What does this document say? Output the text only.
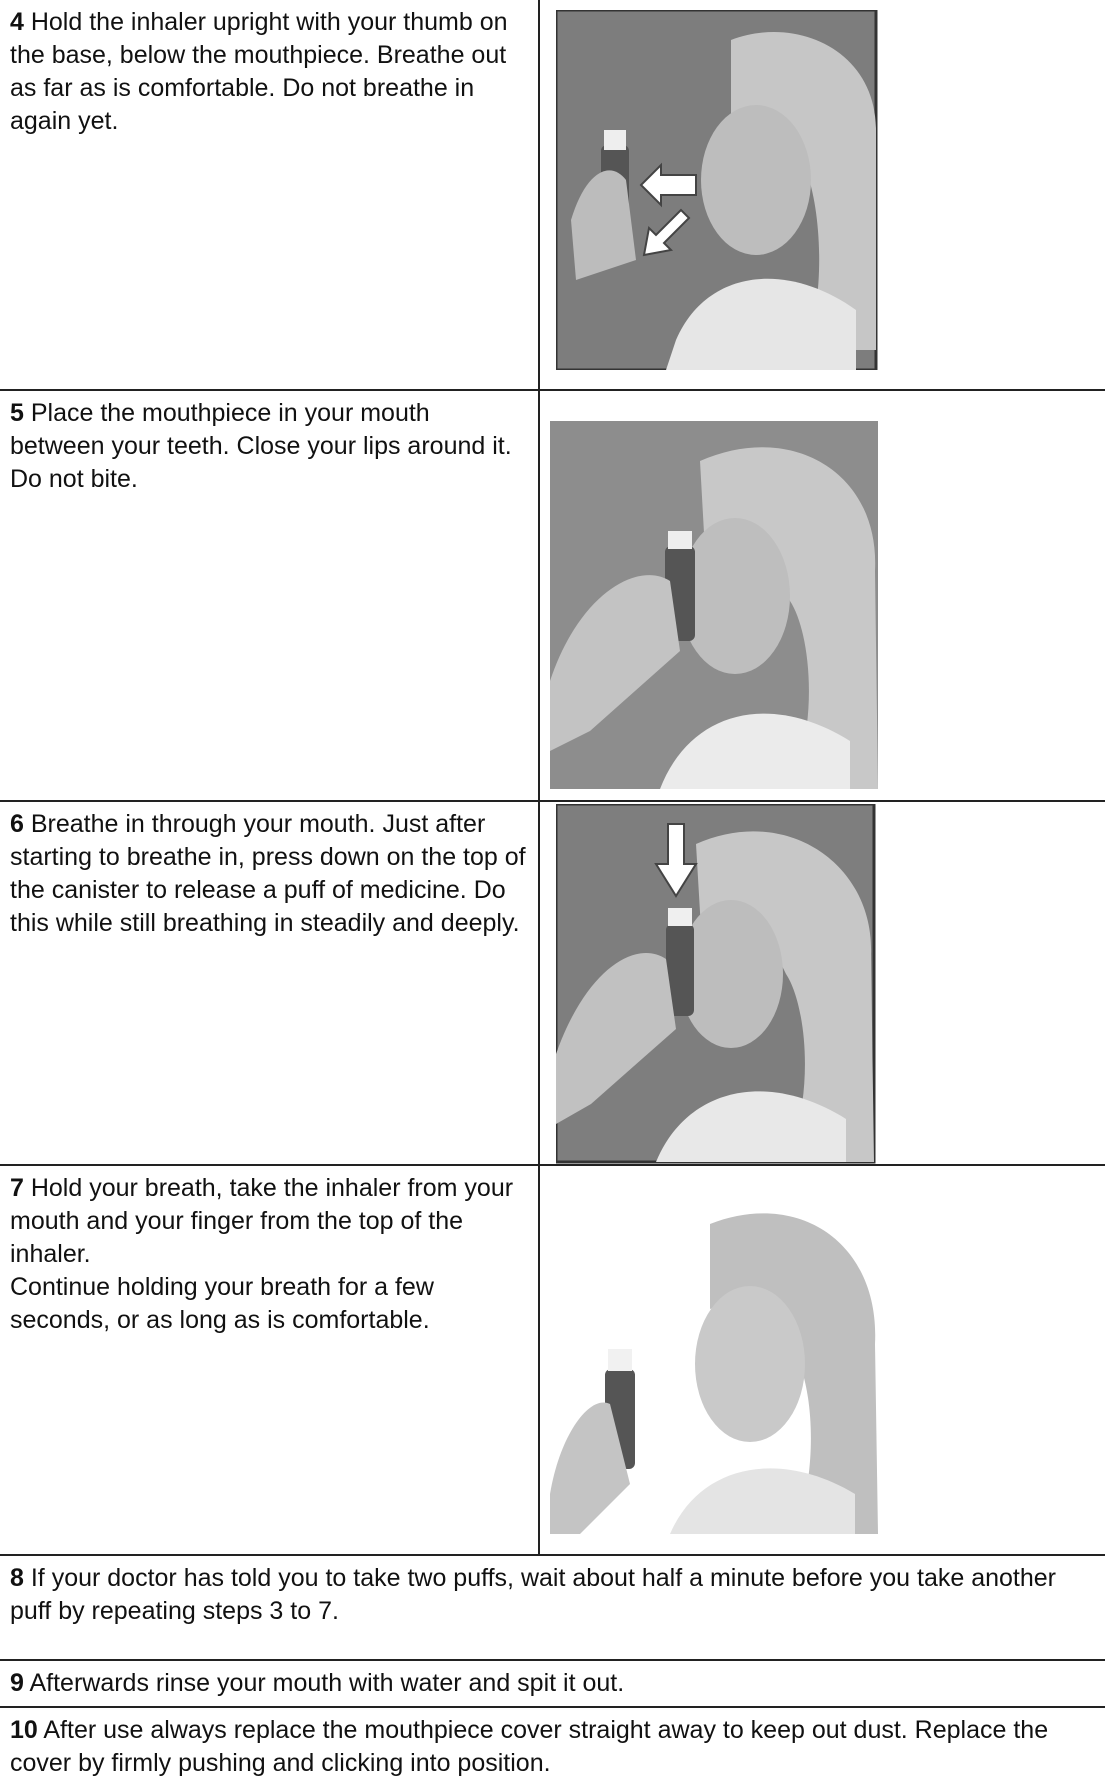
4 Hold the inhaler upright with your thumb on the base, below the mouthpiece. Breathe out as far as is comfortable. Do not breathe in again yet.	

5 Place the mouthpiece in your mouth between your teeth. Close your lips around it. Do not bite.	

6 Breathe in through your mouth. Just after starting to breathe in, press down on the top of the canister to release a puff of medicine. Do this while still breathing in steadily and deeply.	

7 Hold your breath, take the inhaler from your mouth and your finger from the top of the inhaler.
Continue holding your breath for a few seconds, or as long as is comfortable.	

8 If your doctor has told you to take two puffs, wait about half a minute before you take another puff by repeating steps 3 to 7.	
9 Afterwards rinse your mouth with water and spit it out.	
10 After use always replace the mouthpiece cover straight away to keep out dust. Replace the cover by firmly pushing and clicking into position.	
